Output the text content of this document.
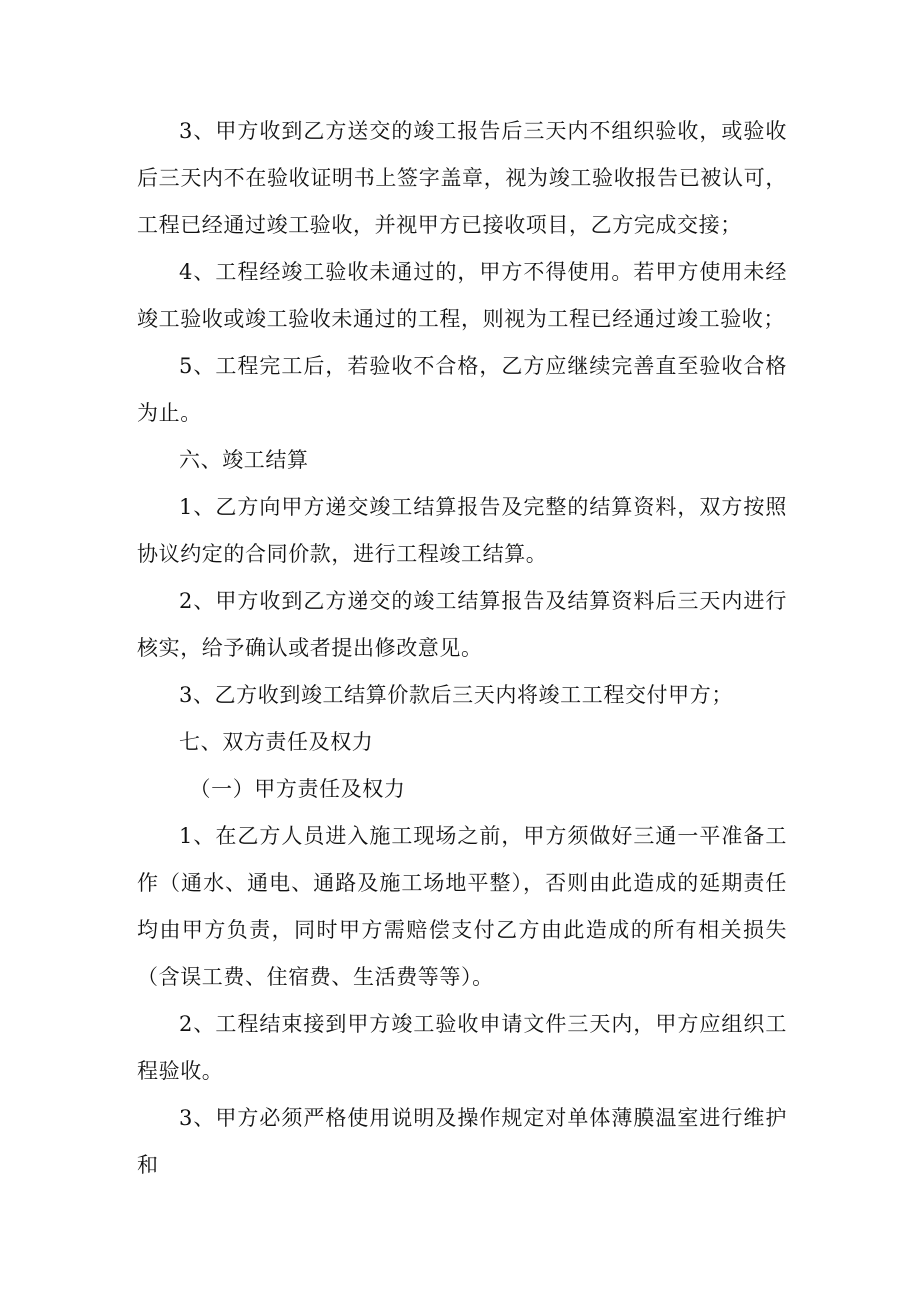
3、甲方收到乙方送交的竣工报告后三天内不组织验收，或验收后三天内不在验收证明书上签字盖章，视为竣工验收报告已被认可，工程已经通过竣工验收，并视甲方已接收项目，乙方完成交接；

4、工程经竣工验收未通过的，甲方不得使用。若甲方使用未经竣工验收或竣工验收未通过的工程，则视为工程已经通过竣工验收；

5、工程完工后，若验收不合格，乙方应继续完善直至验收合格为止。

六、竣工结算

1、乙方向甲方递交竣工结算报告及完整的结算资料，双方按照协议约定的合同价款，进行工程竣工结算。

2、甲方收到乙方递交的竣工结算报告及结算资料后三天内进行核实，给予确认或者提出修改意见。

3、乙方收到竣工结算价款后三天内将竣工工程交付甲方；

七、双方责任及权力

（一）甲方责任及权力

1、在乙方人员进入施工现场之前，甲方须做好三通一平准备工作（通水、通电、通路及施工场地平整），否则由此造成的延期责任均由甲方负责，同时甲方需赔偿支付乙方由此造成的所有相关损失（含误工费、住宿费、生活费等等）。

2、工程结束接到甲方竣工验收申请文件三天内，甲方应组织工程验收。

3、甲方必须严格使用说明及操作规定对单体薄膜温室进行维护和
